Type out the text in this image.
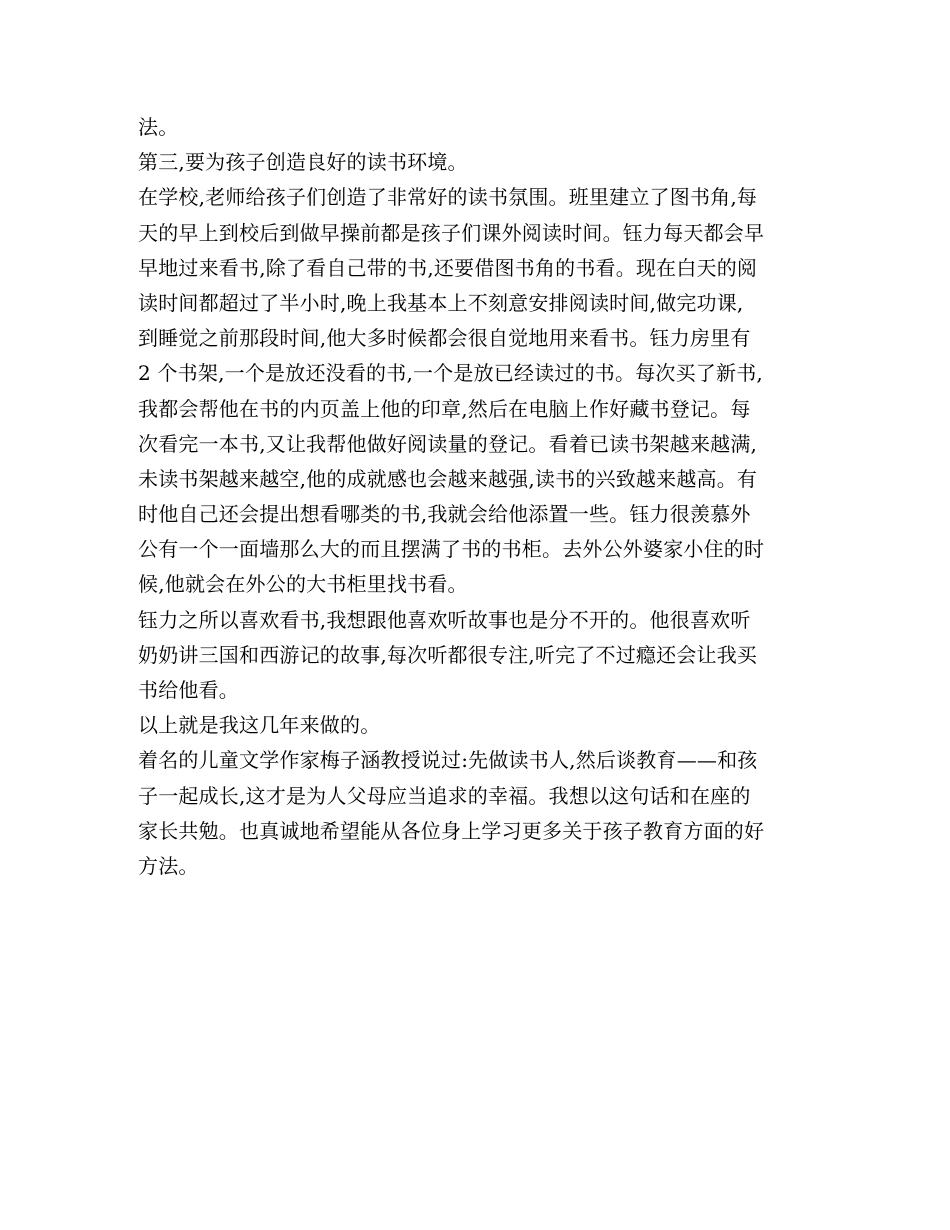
法。
第三,要为孩子创造良好的读书环境。
在学校,老师给孩子们创造了非常好的读书氛围。班里建立了图书角,每
天的早上到校后到做早操前都是孩子们课外阅读时间。钰力每天都会早
早地过来看书,除了看自己带的书,还要借图书角的书看。现在白天的阅
读时间都超过了半小时,晚上我基本上不刻意安排阅读时间,做完功课,
到睡觉之前那段时间,他大多时候都会很自觉地用来看书。钰力房里有
2 个书架,一个是放还没看的书,一个是放已经读过的书。每次买了新书,
我都会帮他在书的内页盖上他的印章,然后在电脑上作好藏书登记。每
次看完一本书,又让我帮他做好阅读量的登记。看着已读书架越来越满,
未读书架越来越空,他的成就感也会越来越强,读书的兴致越来越高。有
时他自己还会提出想看哪类的书,我就会给他添置一些。钰力很羡慕外
公有一个一面墙那么大的而且摆满了书的书柜。去外公外婆家小住的时
候,他就会在外公的大书柜里找书看。
钰力之所以喜欢看书,我想跟他喜欢听故事也是分不开的。他很喜欢听
奶奶讲三国和西游记的故事,每次听都很专注,听完了不过瘾还会让我买
书给他看。
以上就是我这几年来做的。
着名的儿童文学作家梅子涵教授说过:先做读书人,然后谈教育——和孩
子一起成长,这才是为人父母应当追求的幸福。我想以这句话和在座的
家长共勉。也真诚地希望能从各位身上学习更多关于孩子教育方面的好
方法。
